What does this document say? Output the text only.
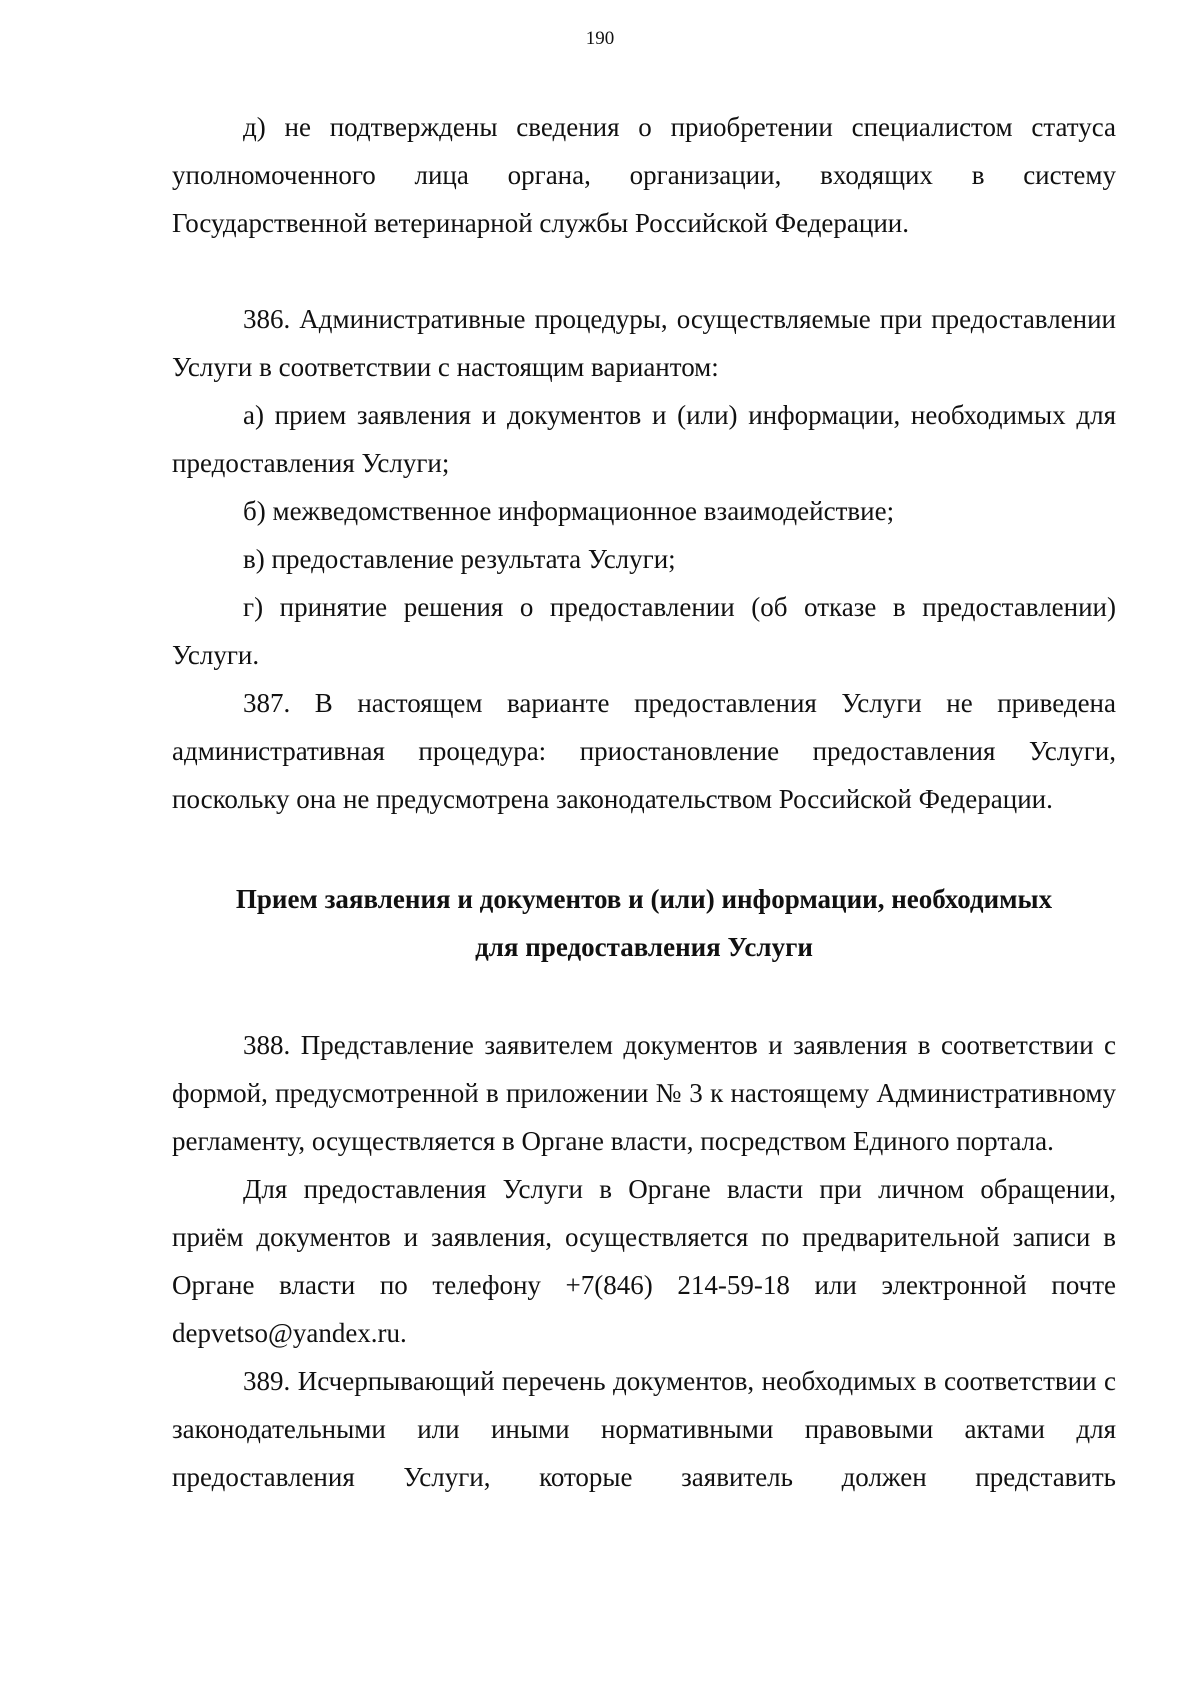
190

д) не подтверждены сведения о приобретении специалистом статуса уполномоченного лица органа, организации, входящих в систему Государственной ветеринарной службы Российской Федерации.

386. Административные процедуры, осуществляемые при предоставлении Услуги в соответствии с настоящим вариантом:

а) прием заявления и документов и (или) информации, необходимых для предоставления Услуги;

б) межведомственное информационное взаимодействие;

в) предоставление результата Услуги;

г) принятие решения о предоставлении (об отказе в предоставлении) Услуги.

387. В настоящем варианте предоставления Услуги не приведена административная процедура: приостановление предоставления Услуги, поскольку она не предусмотрена законодательством Российской Федерации.

Прием заявления и документов и (или) информации, необходимых
для предоставления Услуги

388. Представление заявителем документов и заявления в соответствии с формой, предусмотренной в приложении № 3 к настоящему Административному регламенту, осуществляется в Органе власти, посредством Единого портала.

Для предоставления Услуги в Органе власти при личном обращении, приём документов и заявления, осуществляется по предварительной записи в Органе власти по телефону +7(846) 214-59-18 или электронной почте depvetso@yandex.ru.

389. Исчерпывающий перечень документов, необходимых в соответствии с законодательными или иными нормативными правовыми актами для предоставления Услуги, которые заявитель должен представить
